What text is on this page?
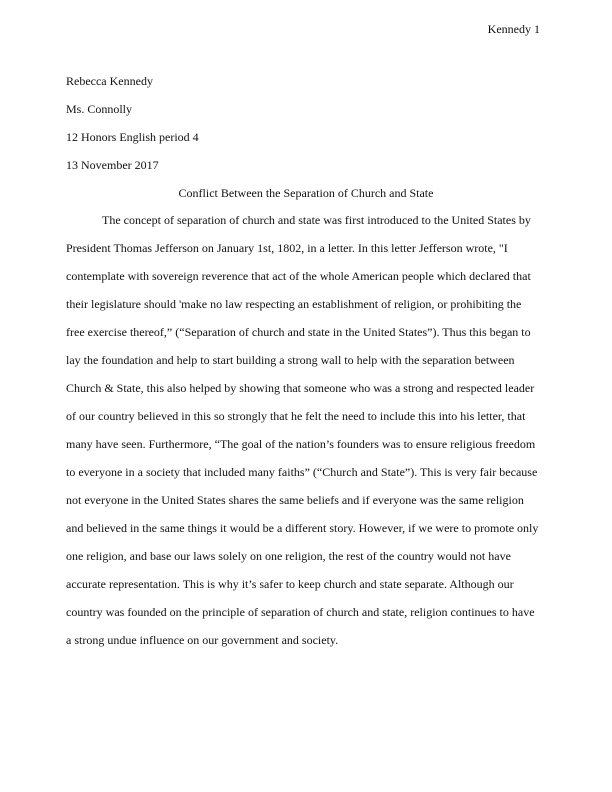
Kennedy 1
Rebecca Kennedy
Ms. Connolly
12 Honors English period 4
13 November 2017
Conflict Between the Separation of Church and State
The concept of separation of church and state was first introduced to the United States by
President Thomas Jefferson on January 1st, 1802, in a letter. In this letter Jefferson wrote, "I
contemplate with sovereign reverence that act of the whole American people which declared that
their legislature should 'make no law respecting an establishment of religion, or prohibiting the
free exercise thereof,” (“Separation of church and state in the United States”). Thus this began to
lay the foundation and help to start building a strong wall to help with the separation between
Church & State, this also helped by showing that someone who was a strong and respected leader
of our country believed in this so strongly that he felt the need to include this into his letter, that
many have seen. Furthermore, “The goal of the nation’s founders was to ensure religious freedom
to everyone in a society that included many faiths” (“Church and State”). This is very fair because
not everyone in the United States shares the same beliefs and if everyone was the same religion
and believed in the same things it would be a different story. However, if we were to promote only
one religion, and base our laws solely on one religion, the rest of the country would not have
accurate representation. This is why it’s safer to keep church and state separate. Although our
country was founded on the principle of separation of church and state, religion continues to have
a strong undue influence on our government and society.
